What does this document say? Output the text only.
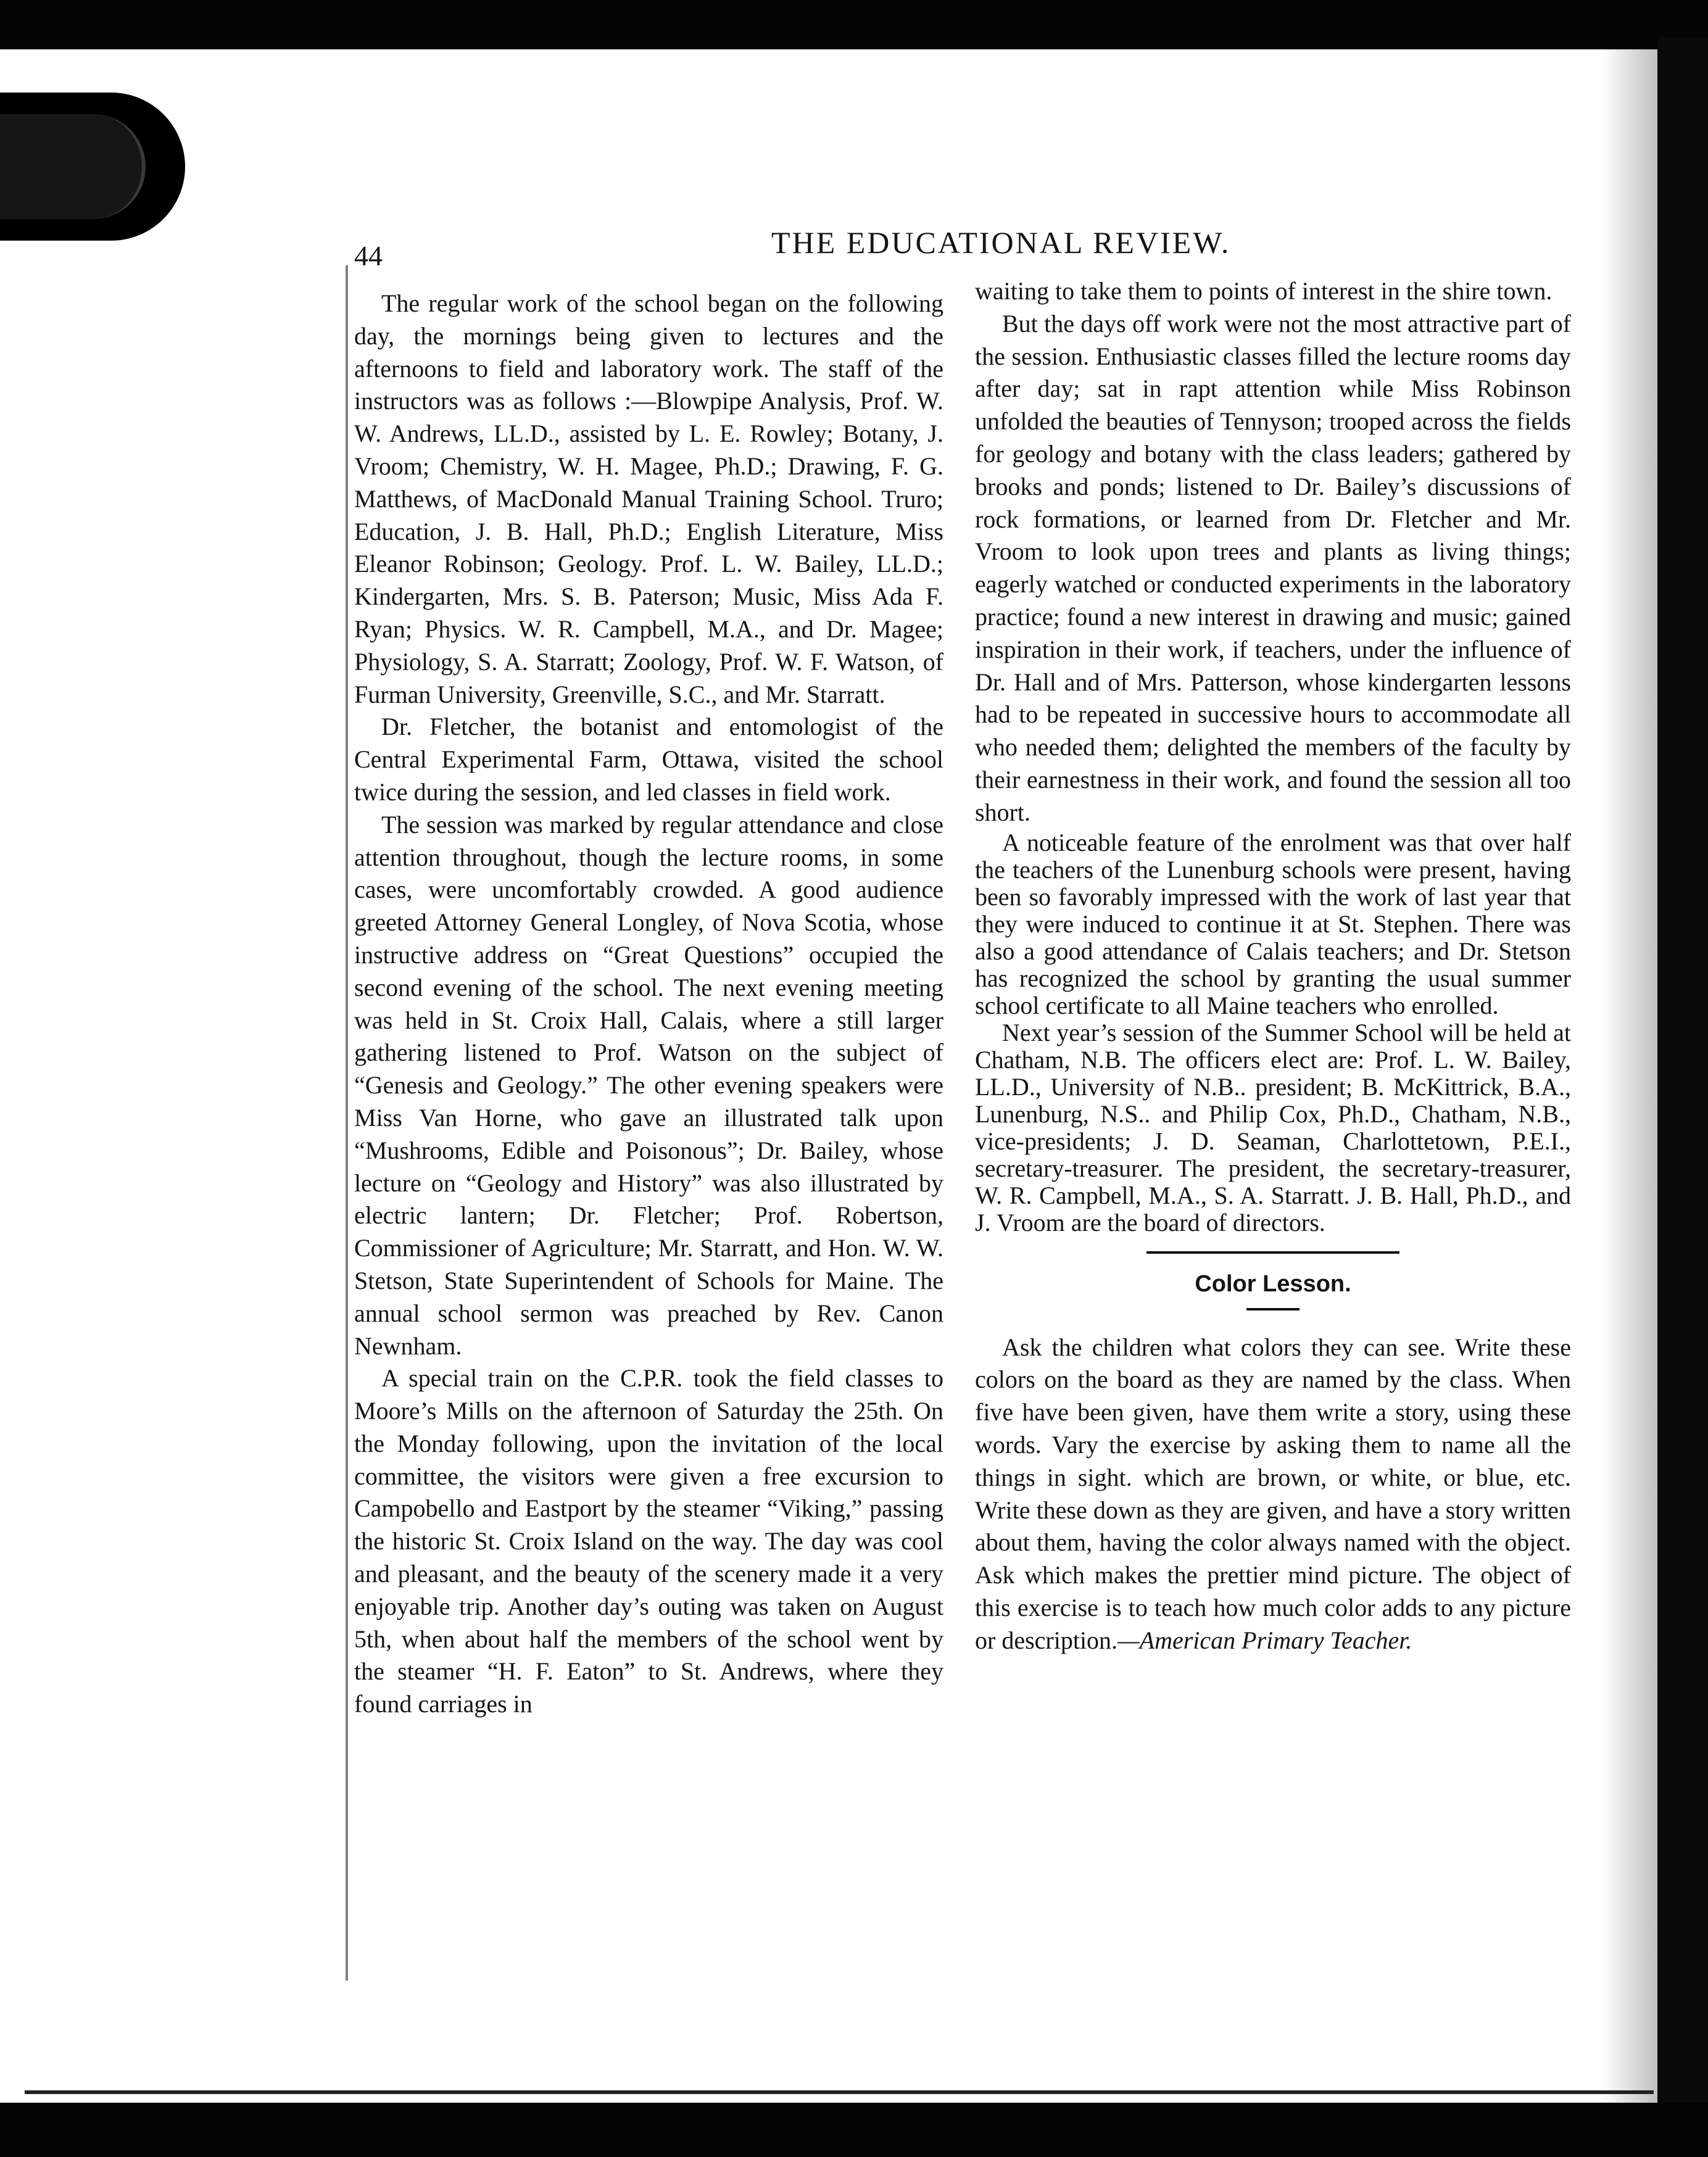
44	THE EDUCATIONAL REVIEW.

The regular work of the school began on the following day, the mornings being given to lectures and the afternoons to field and laboratory work. The staff of the instructors was as follows :—Blowpipe Analysis, Prof. W. W. Andrews, LL.D., assisted by L. E. Rowley; Botany, J. Vroom; Chemistry, W. H. Magee, Ph.D.; Drawing, F. G. Matthews, of MacDonald Manual Training School. Truro; Education, J. B. Hall, Ph.D.; English Literature, Miss Eleanor Robinson; Geology. Prof. L. W. Bailey, LL.D.; Kindergarten, Mrs. S. B. Paterson; Music, Miss Ada F. Ryan; Physics. W. R. Campbell, M.A., and Dr. Magee; Physiology, S. A. Starratt; Zoology, Prof. W. F. Watson, of Furman University, Greenville, S.C., and Mr. Starratt.

Dr. Fletcher, the botanist and entomologist of the Central Experimental Farm, Ottawa, visited the school twice during the session, and led classes in field work.

The session was marked by regular attendance and close attention throughout, though the lecture rooms, in some cases, were uncomfortably crowded. A good audience greeted Attorney General Longley, of Nova Scotia, whose instructive address on “Great Questions” occupied the second evening of the school. The next evening meeting was held in St. Croix Hall, Calais, where a still larger gathering listened to Prof. Watson on the subject of “Genesis and Geology.” The other evening speakers were Miss Van Horne, who gave an illustrated talk upon “Mushrooms, Edible and Poisonous”; Dr. Bailey, whose lecture on “Geology and History” was also illustrated by electric lantern; Dr. Fletcher; Prof. Robertson, Commissioner of Agriculture; Mr. Starratt, and Hon. W. W. Stetson, State Superintendent of Schools for Maine. The annual school sermon was preached by Rev. Canon Newnham.

A special train on the C.P.R. took the field classes to Moore’s Mills on the afternoon of Saturday the 25th. On the Monday following, upon the invitation of the local committee, the visitors were given a free excursion to Campobello and Eastport by the steamer “Viking,” passing the historic St. Croix Island on the way. The day was cool and pleasant, and the beauty of the scenery made it a very enjoyable trip. Another day’s outing was taken on August 5th, when about half the members of the school went by the steamer “H. F. Eaton” to St. Andrews, where they found carriages in

waiting to take them to points of interest in the shire town.

But the days off work were not the most attractive part of the session. Enthusiastic classes filled the lecture rooms day after day; sat in rapt attention while Miss Robinson unfolded the beauties of Tennyson; trooped across the fields for geology and botany with the class leaders; gathered by brooks and ponds; listened to Dr. Bailey’s discussions of rock formations, or learned from Dr. Fletcher and Mr. Vroom to look upon trees and plants as living things; eagerly watched or conducted experiments in the laboratory practice; found a new interest in drawing and music; gained inspiration in their work, if teachers, under the influence of Dr. Hall and of Mrs. Patterson, whose kindergarten lessons had to be repeated in successive hours to accommodate all who needed them; delighted the members of the faculty by their earnestness in their work, and found the session all too short.

A noticeable feature of the enrolment was that over half the teachers of the Lunenburg schools were present, having been so favorably impressed with the work of last year that they were induced to continue it at St. Stephen. There was also a good attendance of Calais teachers; and Dr. Stetson has recognized the school by granting the usual summer school certificate to all Maine teachers who enrolled.

Next year’s session of the Summer School will be held at Chatham, N.B. The officers elect are: Prof. L. W. Bailey, LL.D., University of N.B.. president; B. McKittrick, B.A., Lunenburg, N.S.. and Philip Cox, Ph.D., Chatham, N.B., vice-presidents; J. D. Seaman, Charlottetown, P.E.I., secretary-treasurer. The president, the secretary-treasurer, W. R. Campbell, M.A., S. A. Starratt. J. B. Hall, Ph.D., and J. Vroom are the board of directors.

Color Lesson.

Ask the children what colors they can see. Write these colors on the board as they are named by the class. When five have been given, have them write a story, using these words. Vary the exercise by asking them to name all the things in sight. which are brown, or white, or blue, etc. Write these down as they are given, and have a story written about them, having the color always named with the object. Ask which makes the prettier mind picture. The object of this exercise is to teach how much color adds to any picture or description.—American Primary Teacher.
